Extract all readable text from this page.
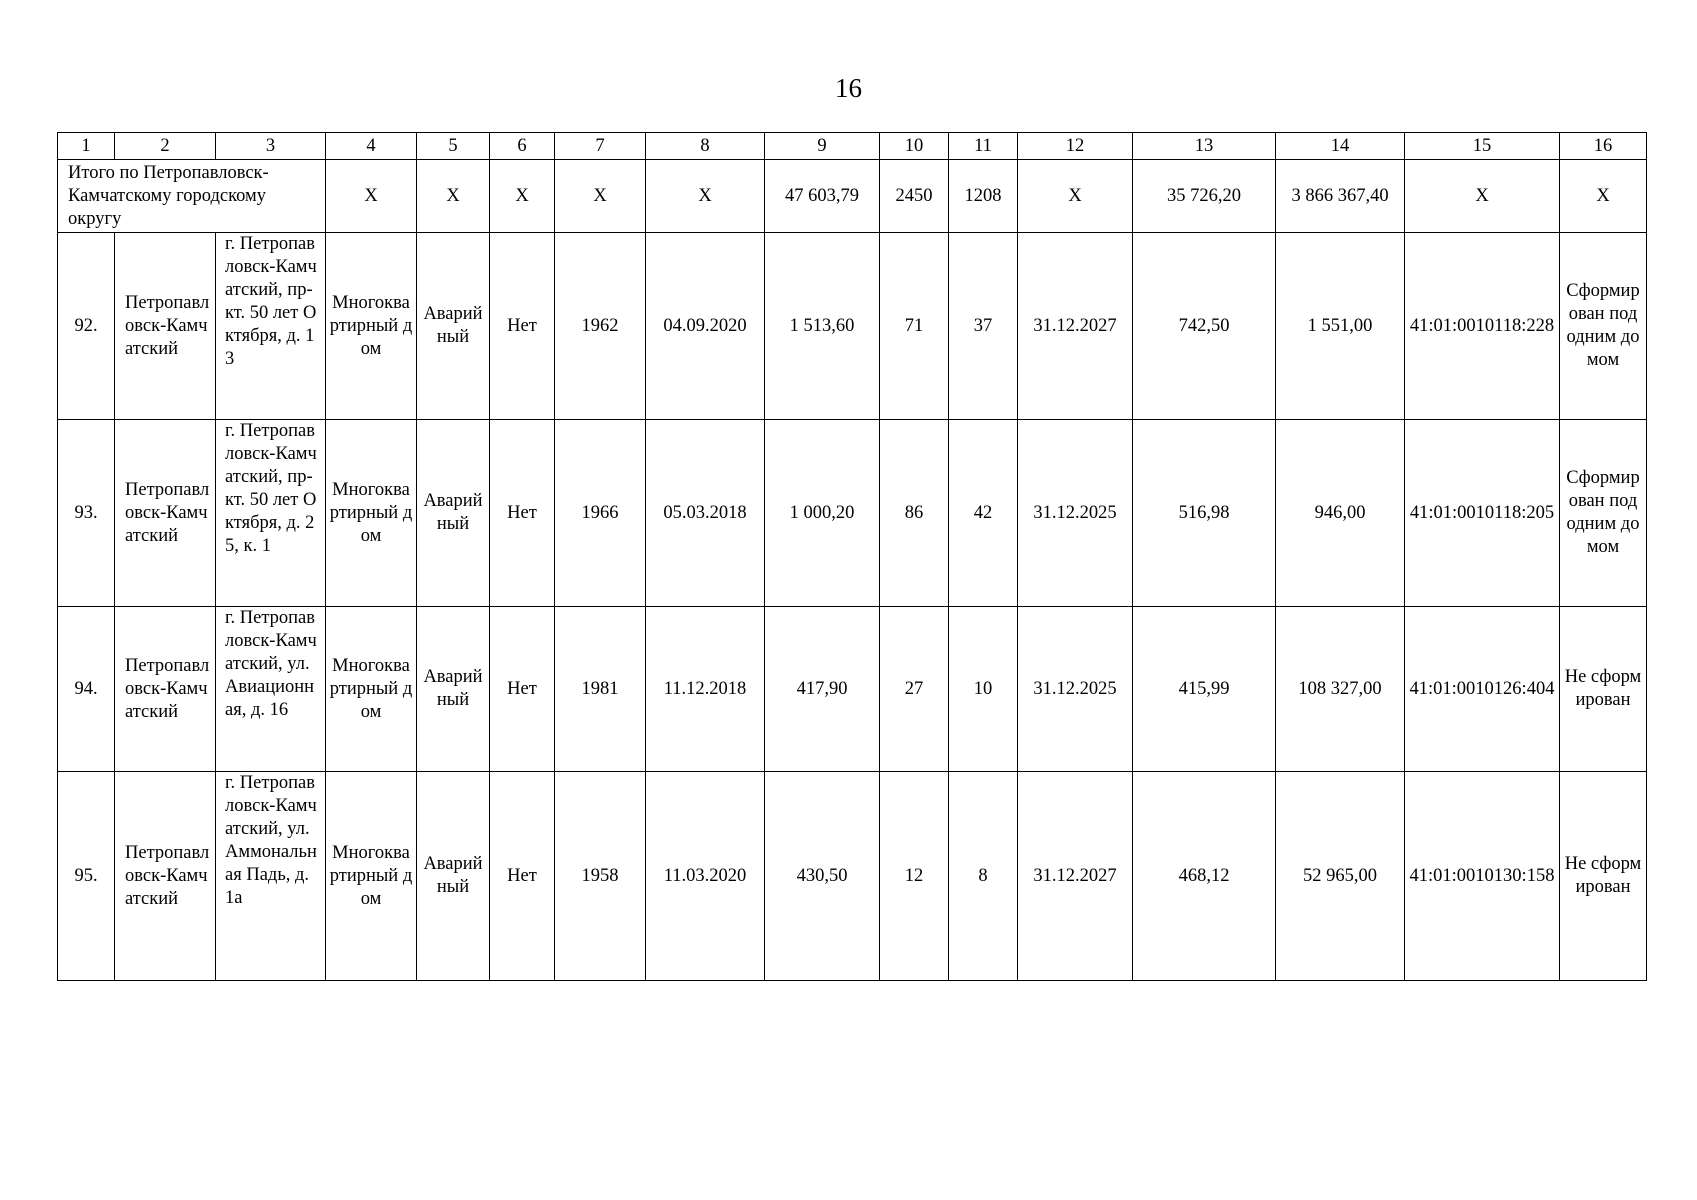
16
1	2	3	4	5	6	7	8	9	10	11	12	13	14	15	16
Итого по Петропавловск-Камчатскому городскому округу			X	X	X	X	X	47 603,79	2450	1208	X	35 726,20	3 866 367,40	X	X
92.	Петропавловск-Камчатский	г. Петропавловск-Камчатский, пр-кт. 50 лет Октября, д. 13	Многоквартирный дом	Аварийный	Нет	1962	04.09.2020	1 513,60	71	37	31.12.2027	742,50	1 551,00	41:01:0010118:228	Сформирован под одним домом
93.	Петропавловск-Камчатский	г. Петропавловск-Камчатский, пр-кт. 50 лет Октября, д. 25, к. 1	Многоквартирный дом	Аварийный	Нет	1966	05.03.2018	1 000,20	86	42	31.12.2025	516,98	946,00	41:01:0010118:205	Сформирован под одним домом
94.	Петропавловск-Камчатский	г. Петропавловск-Камчатский, ул. Авиационная, д. 16	Многоквартирный дом	Аварийный	Нет	1981	11.12.2018	417,90	27	10	31.12.2025	415,99	108 327,00	41:01:0010126:404	Не сформирован
95.	Петропавловск-Камчатский	г. Петропавловск-Камчатский, ул. Аммональная Падь, д. 1а	Многоквартирный дом	Аварийный	Нет	1958	11.03.2020	430,50	12	8	31.12.2027	468,12	52 965,00	41:01:0010130:158	Не сформирован
